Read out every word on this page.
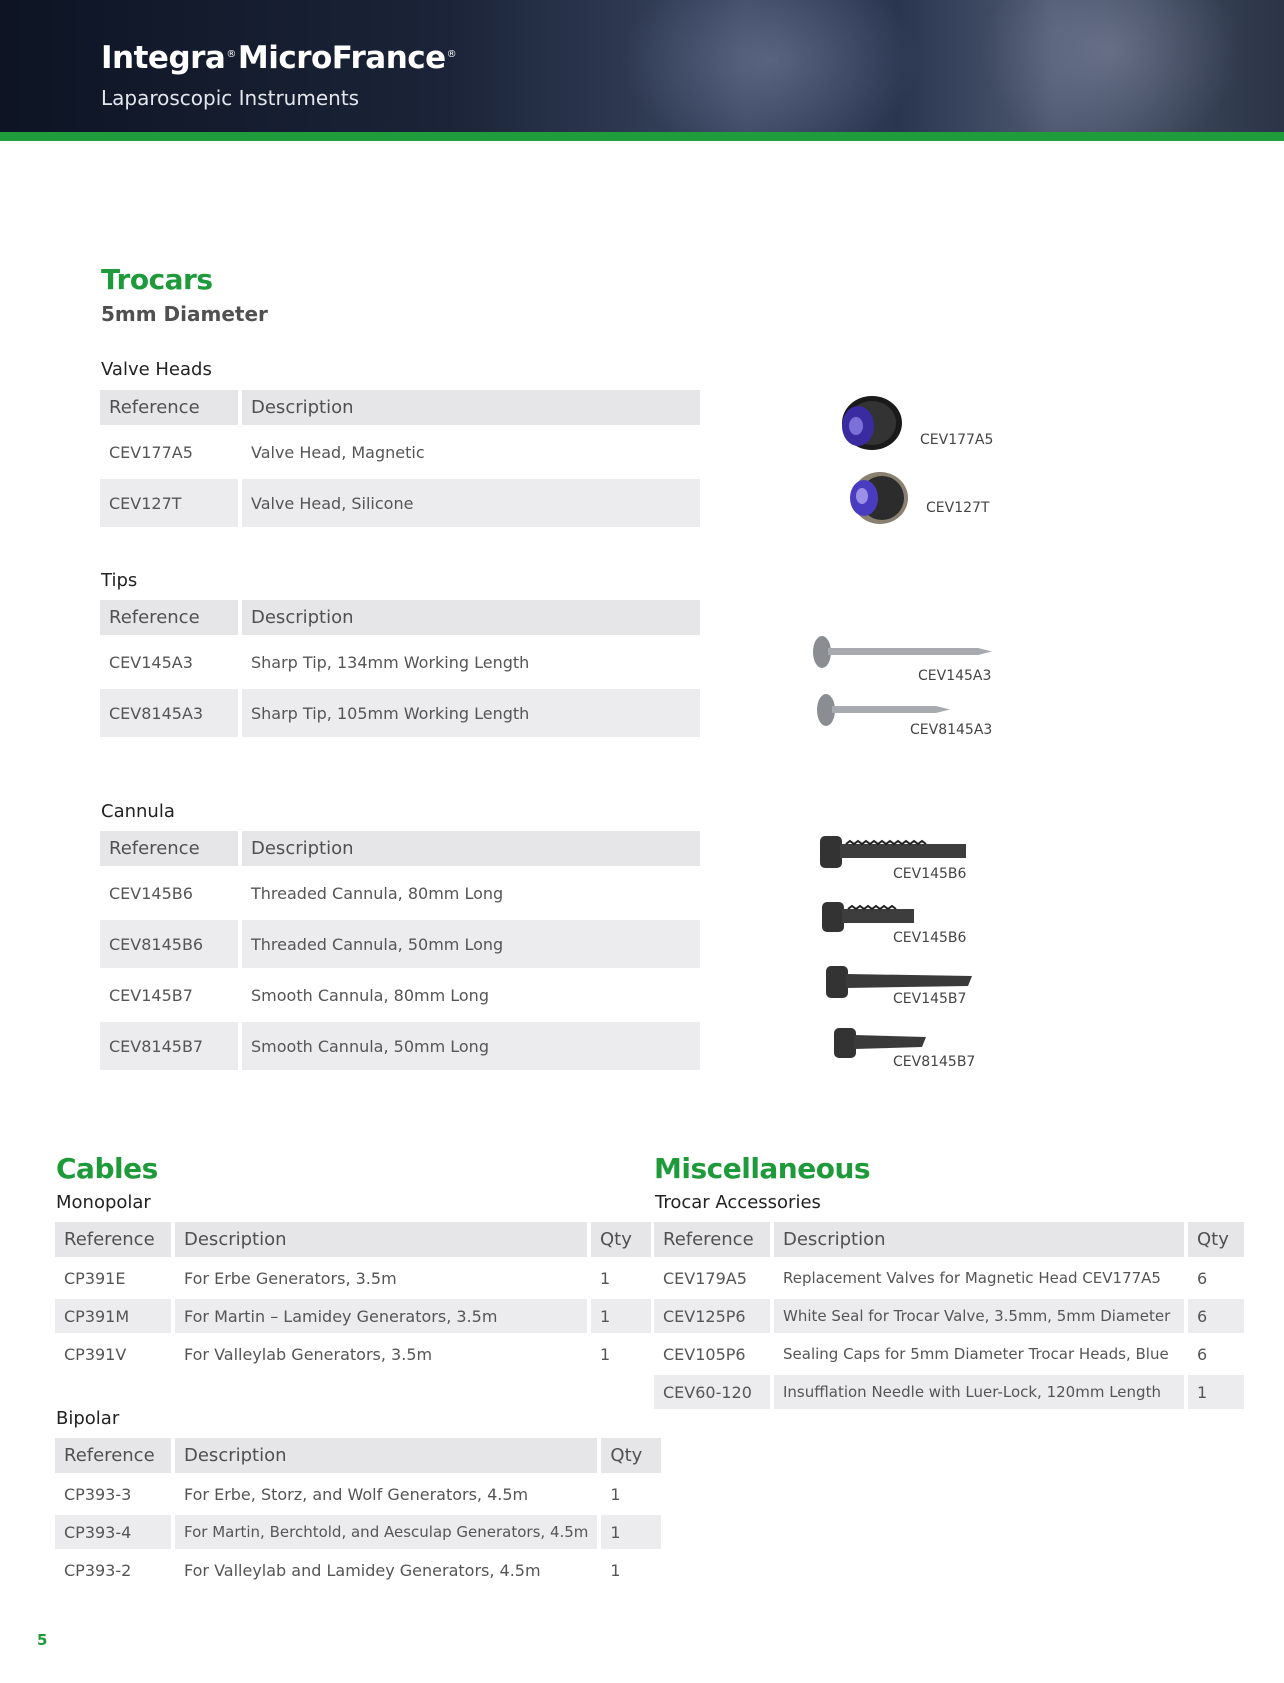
Integra®MicroFrance®
Laparoscopic Instruments
Trocars
5mm Diameter
Valve Heads
Reference	Description
CEV177A5	Valve Head, Magnetic
CEV127T	Valve Head, Silicone
CEV177A5
CEV127T
Tips
Reference	Description
CEV145A3	Sharp Tip, 134mm Working Length
CEV8145A3	Sharp Tip, 105mm Working Length
CEV145A3
CEV8145A3
Cannula
Reference	Description
CEV145B6	Threaded Cannula, 80mm Long
CEV8145B6	Threaded Cannula, 50mm Long
CEV145B7	Smooth Cannula, 80mm Long
CEV8145B7	Smooth Cannula, 50mm Long
CEV145B6
CEV145B6
CEV145B7
CEV8145B7
Cables
Monopolar
Reference	Description	Qty
CP391E	For Erbe Generators, 3.5m	1
CP391M	For Martin – Lamidey Generators, 3.5m	1
CP391V	For Valleylab Generators, 3.5m	1
Bipolar
Reference	Description	Qty
CP393-3	For Erbe, Storz, and Wolf Generators, 4.5m	1
CP393-4	For Martin, Berchtold, and Aesculap Generators, 4.5m	1
CP393-2	For Valleylab and Lamidey Generators, 4.5m	1
Miscellaneous
Trocar Accessories
Reference	Description	Qty
CEV179A5	Replacement Valves for Magnetic Head CEV177A5	6
CEV125P6	White Seal for Trocar Valve, 3.5mm, 5mm Diameter	6
CEV105P6	Sealing Caps for 5mm Diameter Trocar Heads, Blue	6
CEV60-120	Insufflation Needle with Luer-Lock, 120mm Length	1
5
